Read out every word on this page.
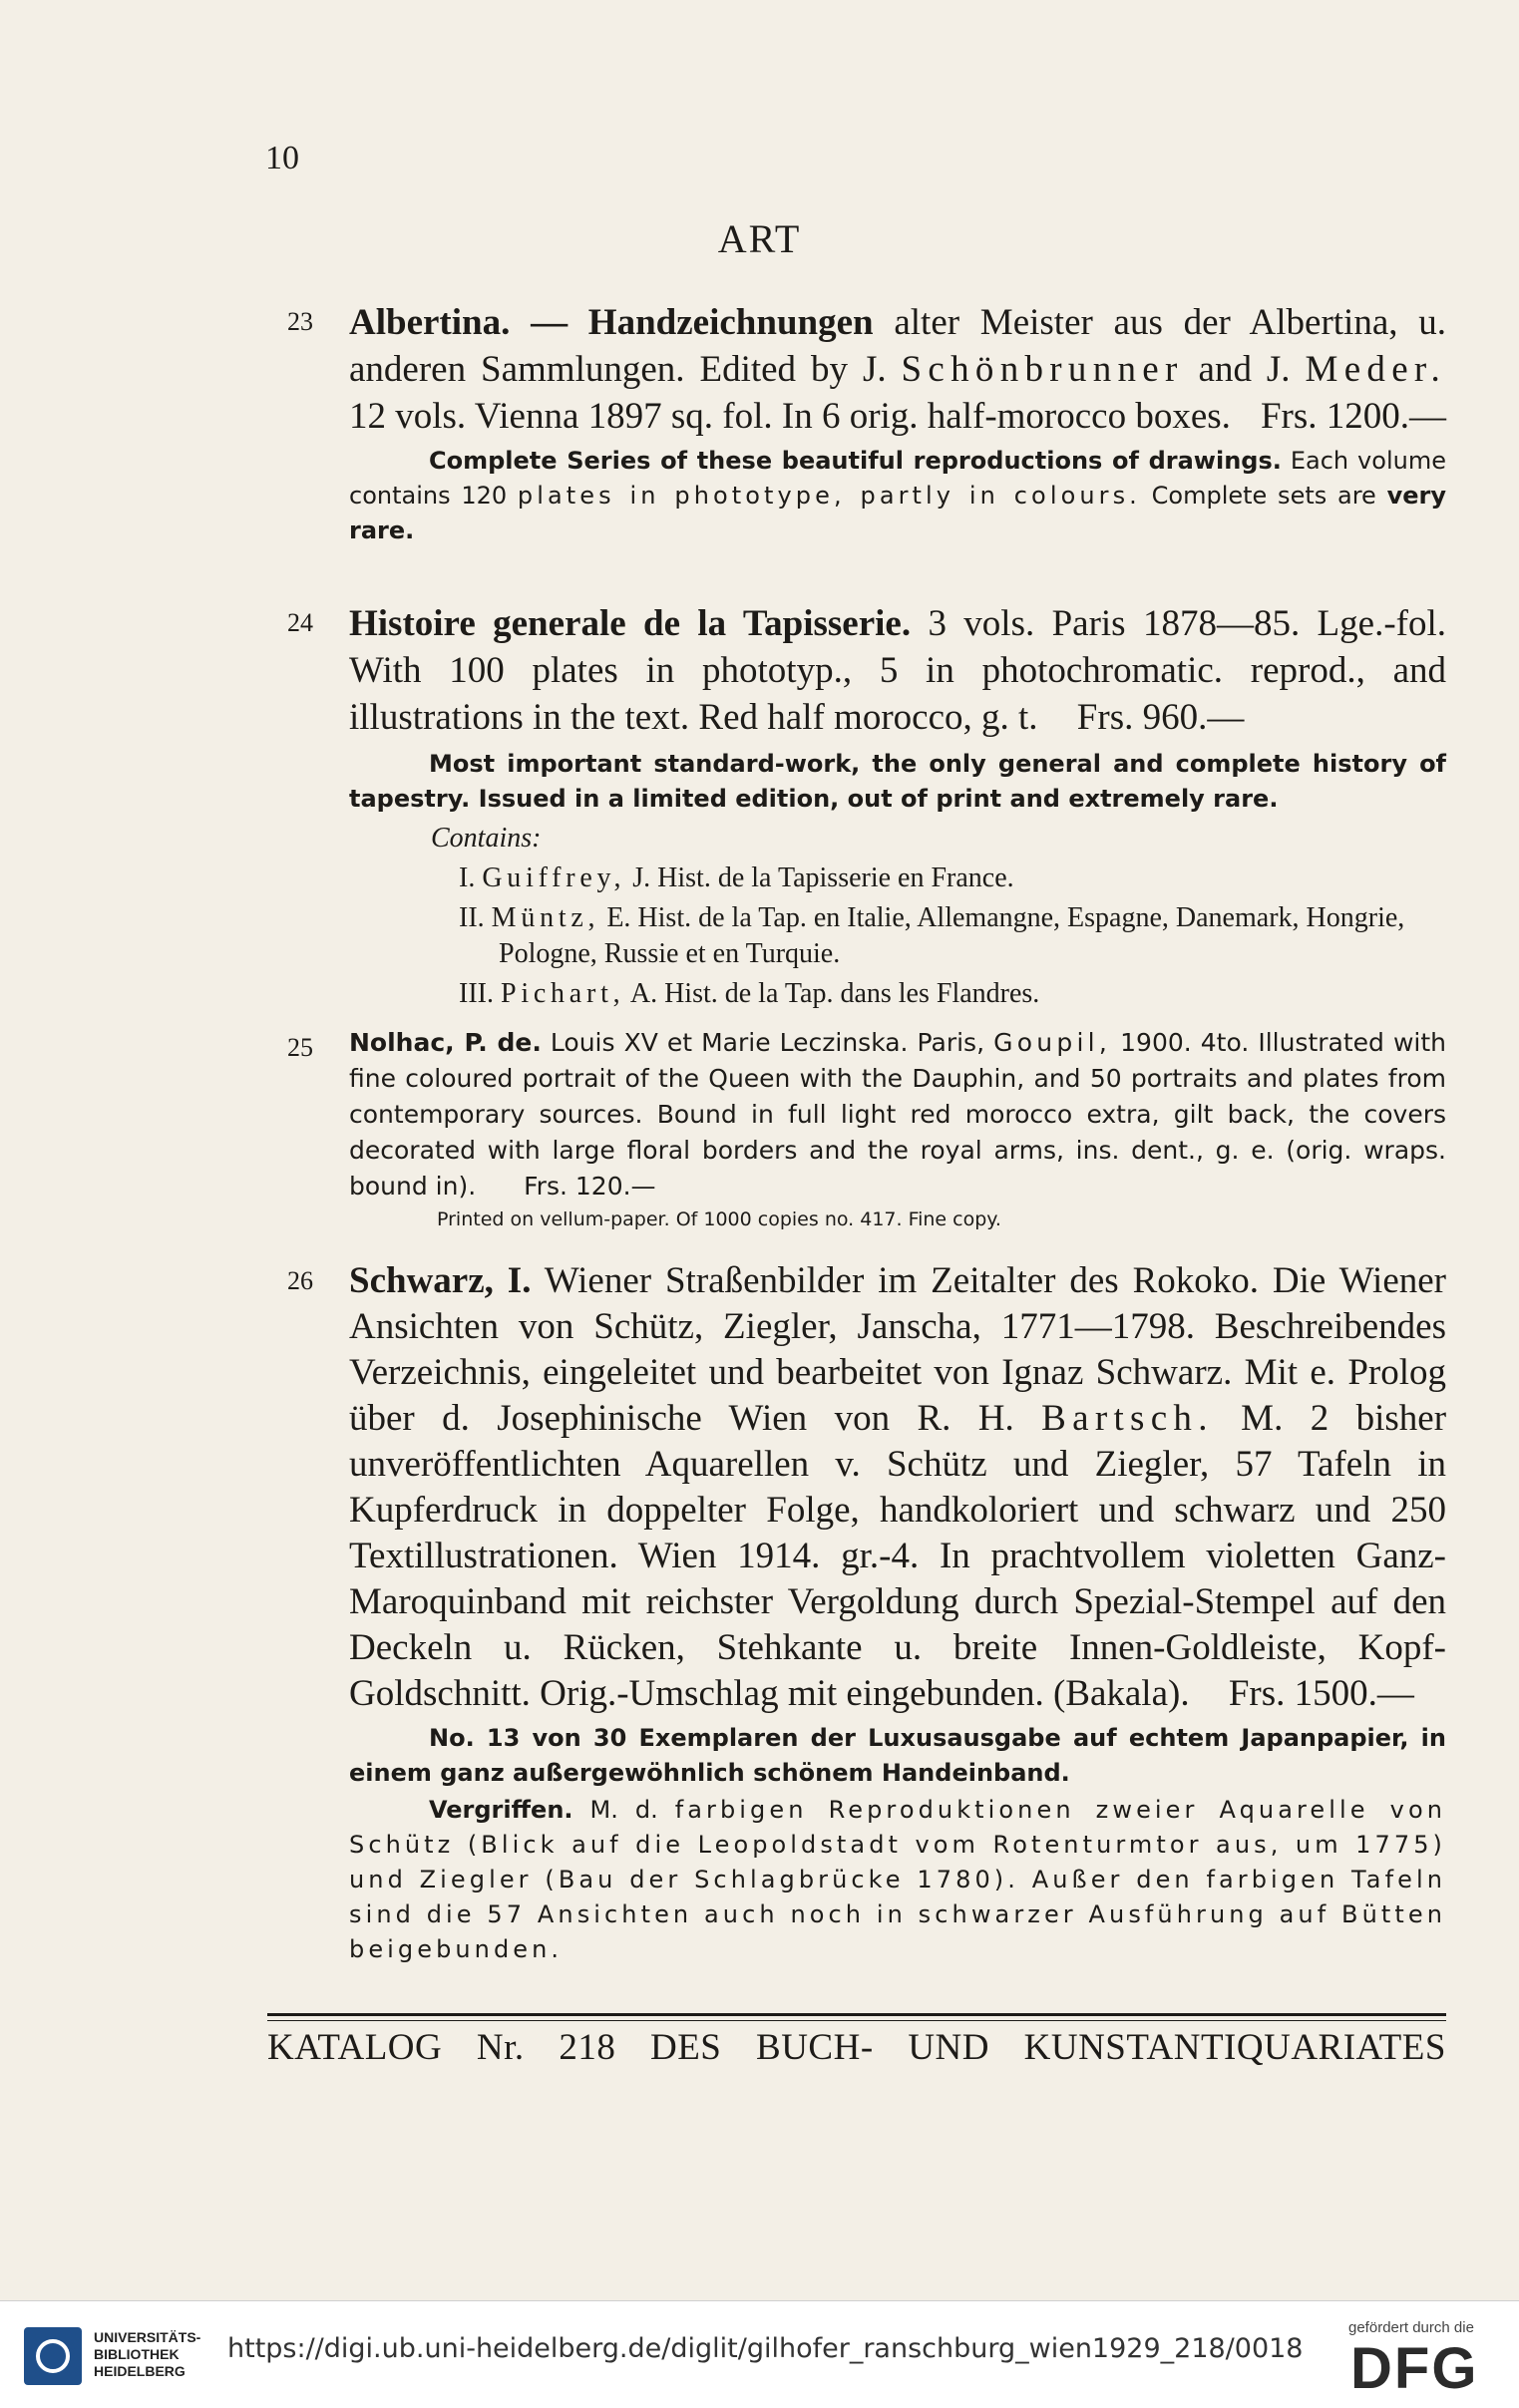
10
ART
23 Albertina. — Handzeichnungen alter Meister aus der Albertina, u. anderen Sammlungen. Edited by J. Schönbrunner and J. Meder. 12 vols. Vienna 1897 sq. fol. In 6 orig. half-morocco boxes. Frs. 1200.—

Complete Series of these beautiful reproductions of drawings. Each volume contains 120 plates in phototype, partly in colours. Complete sets are very rare.

24 Histoire generale de la Tapisserie. 3 vols. Paris 1878—85. Lge.-fol. With 100 plates in phototyp., 5 in photochromatic. reprod., and illustrations in the text. Red half morocco, g. t. Frs. 960.—

Most important standard-work, the only general and complete history of tapestry. Issued in a limited edition, out of print and extremely rare.

Contains:
I. Guiffrey, J. Hist. de la Tapisserie en France.
II. Müntz, E. Hist. de la Tap. en Italie, Allemangne, Espagne, Danemark, Hongrie, Pologne, Russie et en Turquie.
III. Pichart, A. Hist. de la Tap. dans les Flandres.
25 Nolhac, P. de. Louis XV et Marie Leczinska. Paris, Goupil, 1900. 4to. Illustrated with fine coloured portrait of the Queen with the Dauphin, and 50 portraits and plates from contemporary sources. Bound in full light red morocco extra, gilt back, the covers decorated with large floral borders and the royal arms, ins. dent., g. e. (orig. wraps. bound in). Frs. 120.—

Printed on vellum-paper. Of 1000 copies no. 417. Fine copy.

26 Schwarz, I. Wiener Straßenbilder im Zeitalter des Rokoko. Die Wiener Ansichten von Schütz, Ziegler, Janscha, 1771—1798. Beschreibendes Verzeichnis, eingeleitet und bearbeitet von Ignaz Schwarz. Mit e. Prolog über d. Josephinische Wien von R. H. Bartsch. M. 2 bisher unveröffentlichten Aquarellen v. Schütz und Ziegler, 57 Tafeln in Kupferdruck in doppelter Folge, handkoloriert und schwarz und 250 Textillustrationen. Wien 1914. gr.-4. In prachtvollem violetten Ganz-Maroquinband mit reichster Vergoldung durch Spezial-Stempel auf den Deckeln u. Rücken, Stehkante u. breite Innen-Goldleiste, Kopf-Goldschnitt. Orig.-Umschlag mit eingebunden. (Bakala). Frs. 1500.—

No. 13 von 30 Exemplaren der Luxusausgabe auf echtem Japanpapier, in einem ganz außergewöhnlich schönem Handeinband.

Vergriffen. M. d. farbigen Reproduktionen zweier Aquarelle von Schütz (Blick auf die Leopoldstadt vom Rotenturmtor aus, um 1775) und Ziegler (Bau der Schlagbrücke 1780). Außer den farbigen Tafeln sind die 57 Ansichten auch noch in schwarzer Ausführung auf Bütten beigebunden.

KATALOG Nr. 218 DES BUCH- UND KUNSTANTIQUARIATES
UNIVERSITÄTS-
BIBLIOTHEK
HEIDELBERG
https://digi.ub.uni-heidelberg.de/diglit/gilhofer_ranschburg_wien1929_218/0018
gefördert durch die
DFG
